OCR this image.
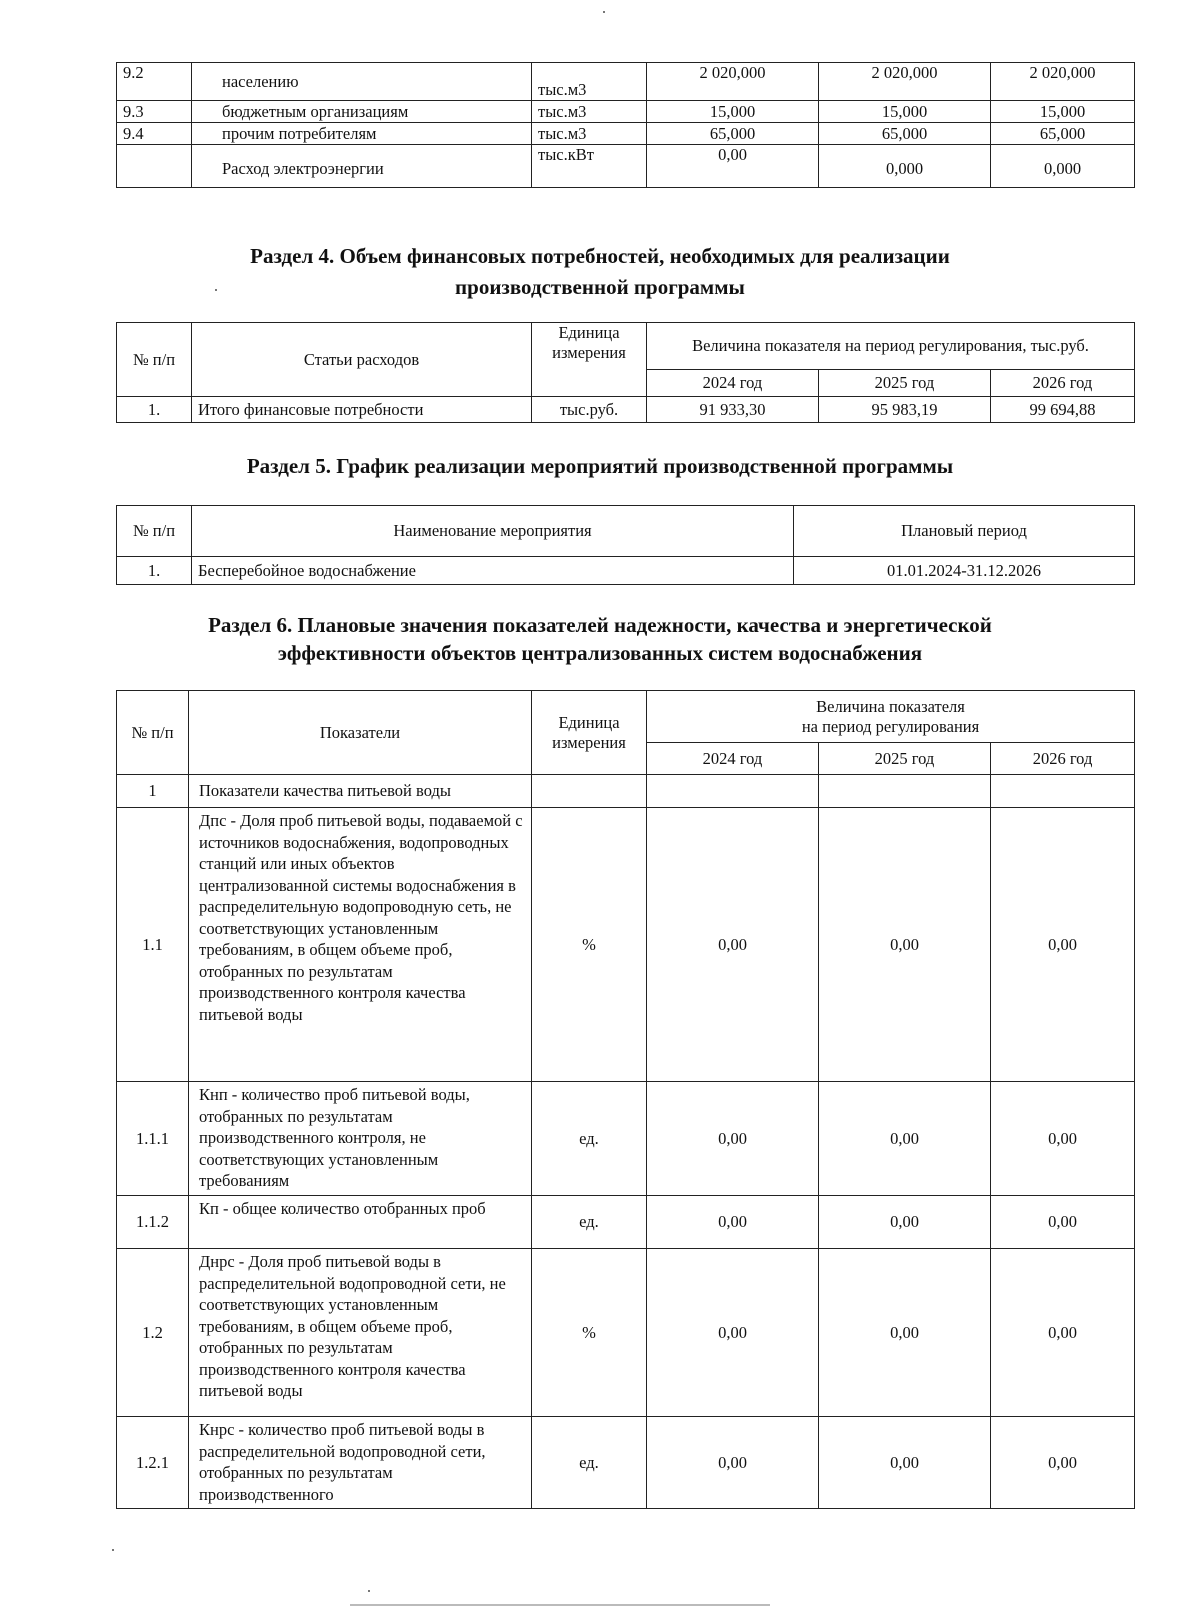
9.2	населению	тыс.м3	2 020,000	2 020,000	2 020,000
9.3	бюджетным организациям	тыс.м3	15,000	15,000	15,000
9.4	прочим потребителям	тыс.м3	65,000	65,000	65,000
	Расход электроэнергии	тыс.кВт	0,00	0,000	0,000
Раздел 4. Объем финансовых потребностей, необходимых для реализации
производственной программы
№ п/п	Статьи расходов	Единица измерения	Величина показателя на период регулирования, тыс.руб.		
			2024 год	2025 год	2026 год
1.	Итого финансовые потребности	тыс.руб.	91 933,30	95 983,19	99 694,88
Раздел 5. График реализации мероприятий производственной программы
№ п/п	Наименование мероприятия	Плановый период
1.	Бесперебойное водоснабжение	01.01.2024-31.12.2026
Раздел 6. Плановые значения показателей надежности, качества и энергетической
эффективности объектов централизованных систем водоснабжения
№ п/п	Показатели	Единица измерения	Величина показателя
на период регулирования		

			2024 год	2025 год	2026 год
1	Показатели качества питьевой воды				
1.1	Дпс - Доля проб питьевой воды, подаваемой с источников водоснабжения, водопроводных станций или иных объектов централизованной системы водоснабжения в распределительную водопроводную сеть, не соответствующих установленным требованиям, в общем объеме проб, отобранных по результатам производственного контроля качества питьевой воды	%	0,00	0,00	0,00
1.1.1	Кнп - количество проб питьевой воды, отобранных по результатам производственного контроля, не соответствующих установленным требованиям	ед.	0,00	0,00	0,00
1.1.2	Кп - общее количество отобранных проб	ед.	0,00	0,00	0,00
1.2	Днрс - Доля проб питьевой воды в распределительной водопроводной сети, не соответствующих установленным требованиям, в общем объеме проб, отобранных по результатам производственного контроля качества питьевой воды	%	0,00	0,00	0,00
1.2.1	Кнрс - количество проб питьевой воды в распределительной водопроводной сети, отобранных по результатам производственного	ед.	0,00	0,00	0,00
